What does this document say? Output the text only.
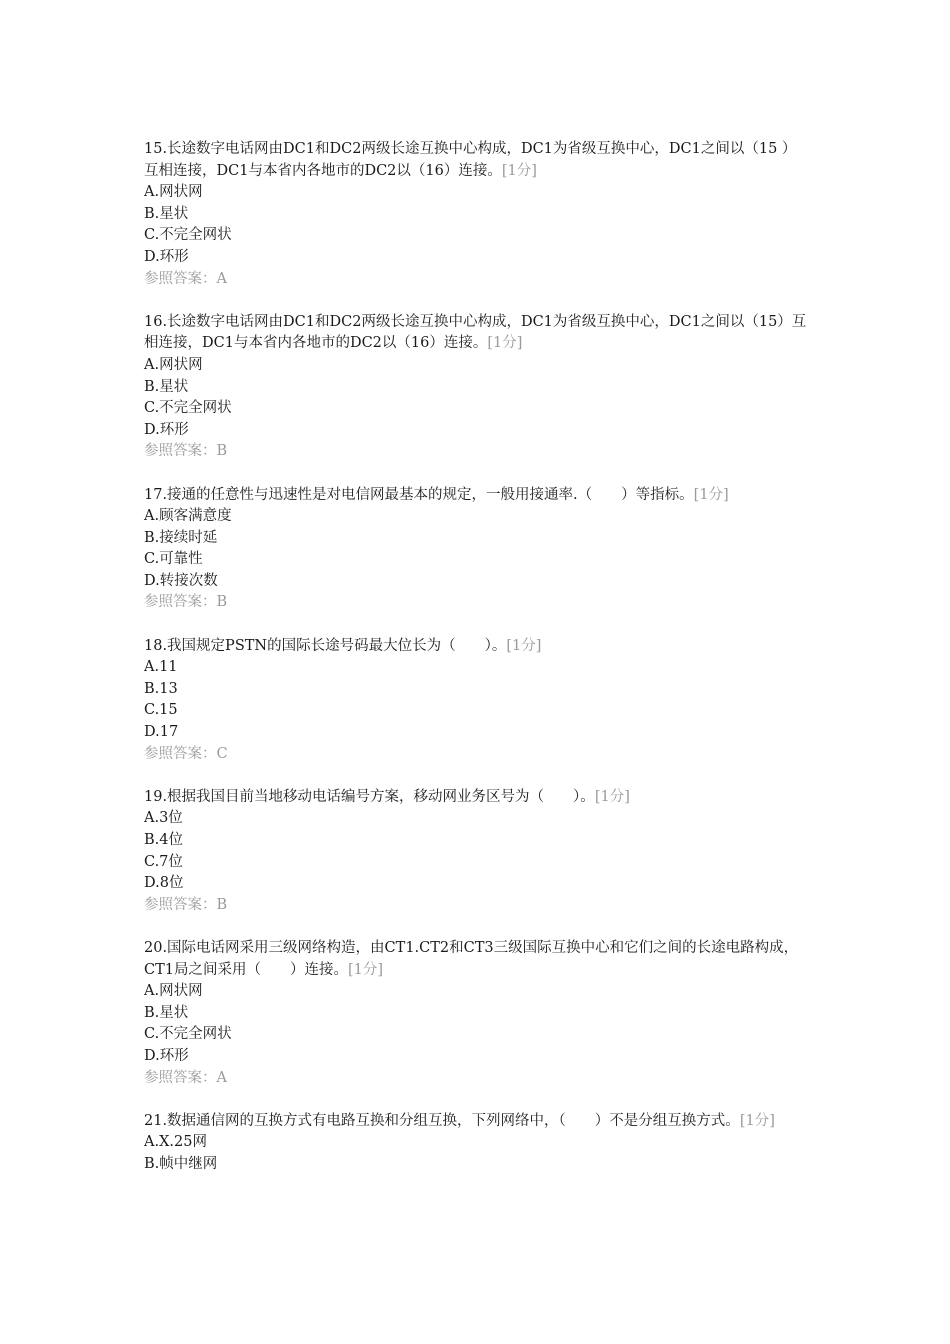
15.长途数字电话网由DC1和DC2两级长途互换中心构成，DC1为省级互换中心，DC1之间以（15 ）互相连接，DC1与本省内各地市的DC2以（16）连接。[1分]

A.网状网

B.星状

C.不完全网状

D.环形

参照答案：A

16.长途数字电话网由DC1和DC2两级长途互换中心构成，DC1为省级互换中心，DC1之间以（15）互相连接，DC1与本省内各地市的DC2以（16）连接。[1分]

A.网状网

B.星状

C.不完全网状

D.环形

参照答案：B

17.接通的任意性与迅速性是对电信网最基本的规定，一般用接通率.（　　）等指标。[1分]

A.顾客满意度

B.接续时延

C.可靠性

D.转接次数

参照答案：B

18.我国规定PSTN的国际长途号码最大位长为（　　）。[1分]

A.11

B.13

C.15

D.17

参照答案：C

19.根据我国目前当地移动电话编号方案，移动网业务区号为（　　）。[1分]

A.3位

B.4位

C.7位

D.8位

参照答案：B

20.国际电话网采用三级网络构造，由CT1.CT2和CT3三级国际互换中心和它们之间的长途电路构成，CT1局之间采用（　　）连接。[1分]

A.网状网

B.星状

C.不完全网状

D.环形

参照答案：A

21.数据通信网的互换方式有电路互换和分组互换，下列网络中，（　　）不是分组互换方式。[1分]

A.X.25网

B.帧中继网
